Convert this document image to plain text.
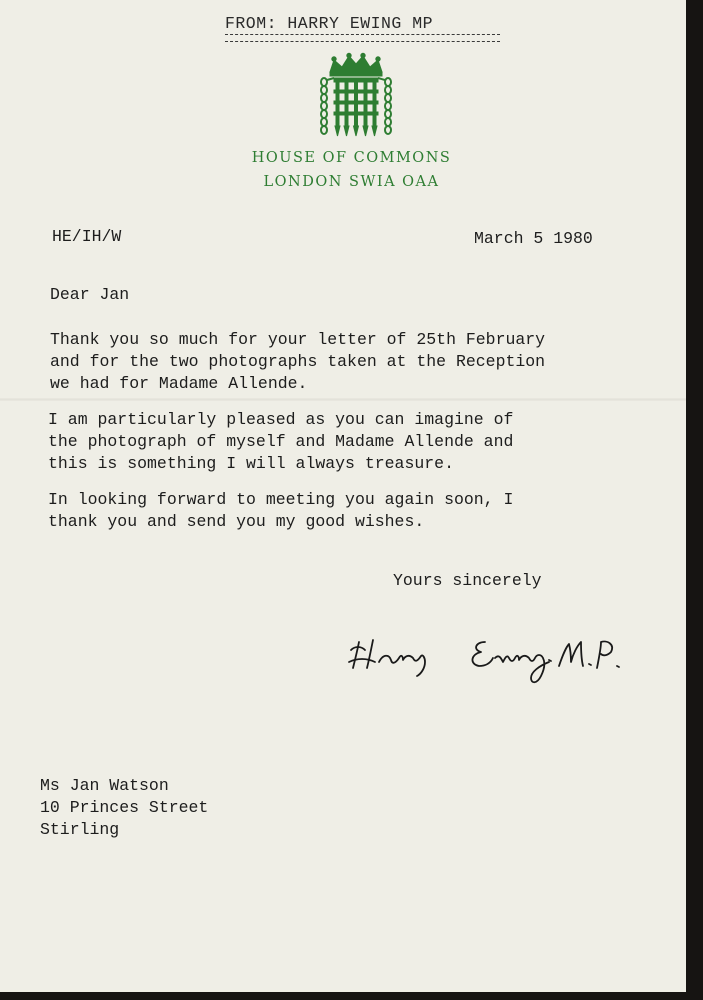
FROM: HARRY EWING MP
HOUSE OF COMMONS
LONDON SWIA OAA
HE/IH/W	March 5 1980
Dear Jan

Thank you so much for your letter of 25th February
and for the two photographs taken at the Reception
we had for Madame Allende.

I am particularly pleased as you can imagine of
the photograph of myself and Madame Allende and
this is something I will always treasure.

In looking forward to meeting you again soon, I
thank you and send you my good wishes.

Yours sincerely
Ms Jan Watson
10 Princes Street
Stirling
